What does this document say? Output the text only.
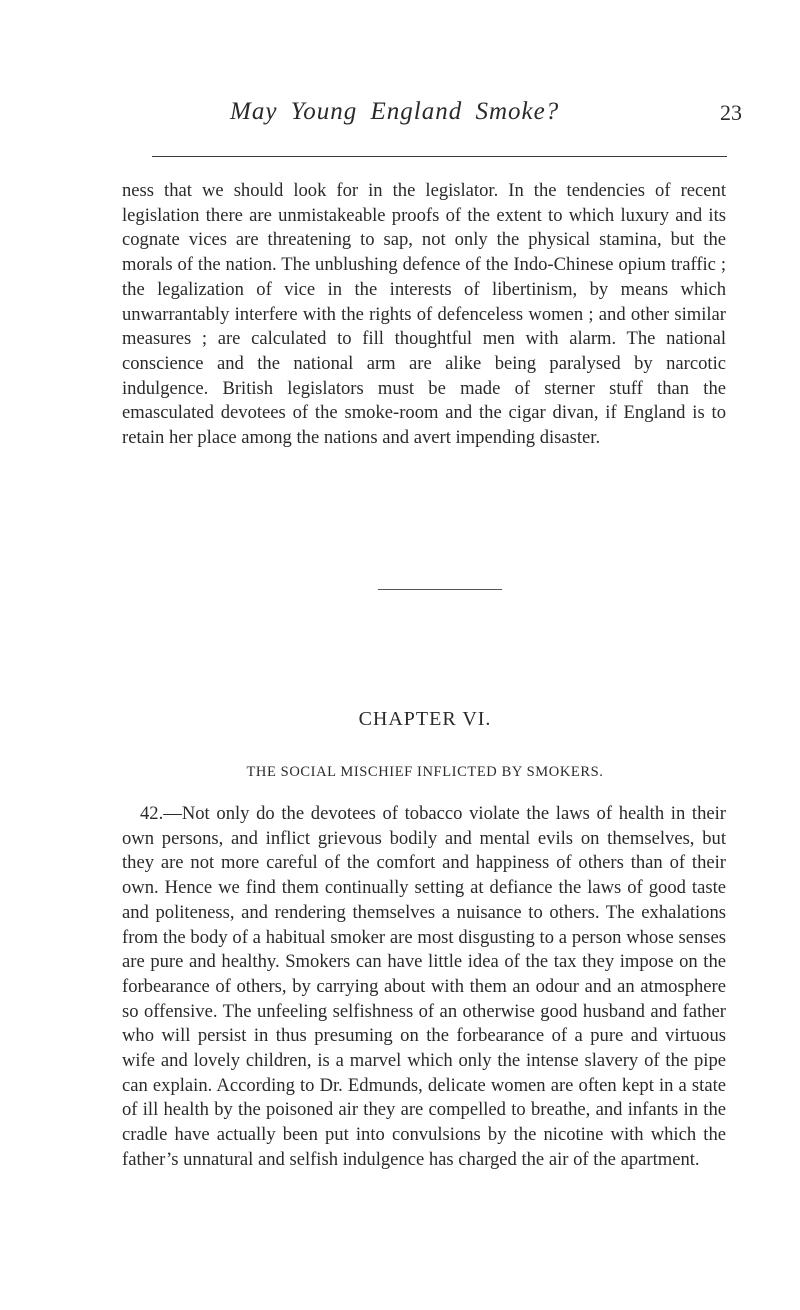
May Young England Smoke?	23

ness that we should look for in the legislator. In the tendencies of recent legislation there are unmistakeable proofs of the extent to which luxury and its cognate vices are threatening to sap, not only the physical stamina, but the morals of the nation. The unblushing defence of the Indo-Chinese opium traffic ; the legalization of vice in the interests of libertinism, by means which unwarrantably interfere with the rights of defenceless women ; and other similar measures ; are calculated to fill thoughtful men with alarm. The national conscience and the national arm are alike being paralysed by narcotic indulgence. British legislators must be made of sterner stuff than the emasculated devotees of the smoke-room and the cigar divan, if England is to retain her place among the nations and avert impending disaster.

CHAPTER VI.
THE SOCIAL MISCHIEF INFLICTED BY SMOKERS.

42.—Not only do the devotees of tobacco violate the laws of health in their own persons, and inflict grievous bodily and mental evils on themselves, but they are not more careful of the comfort and happiness of others than of their own. Hence we find them continually setting at defiance the laws of good taste and politeness, and rendering themselves a nuisance to others. The exhalations from the body of a habitual smoker are most disgusting to a person whose senses are pure and healthy. Smokers can have little idea of the tax they impose on the forbearance of others, by carrying about with them an odour and an atmosphere so offensive. The unfeeling selfishness of an otherwise good husband and father who will persist in thus presuming on the forbearance of a pure and virtuous wife and lovely children, is a marvel which only the intense slavery of the pipe can explain. According to Dr. Edmunds, delicate women are often kept in a state of ill health by the poisoned air they are compelled to breathe, and infants in the cradle have actually been put into convulsions by the nicotine with which the father’s unnatural and selfish indulgence has charged the air of the apartment.
